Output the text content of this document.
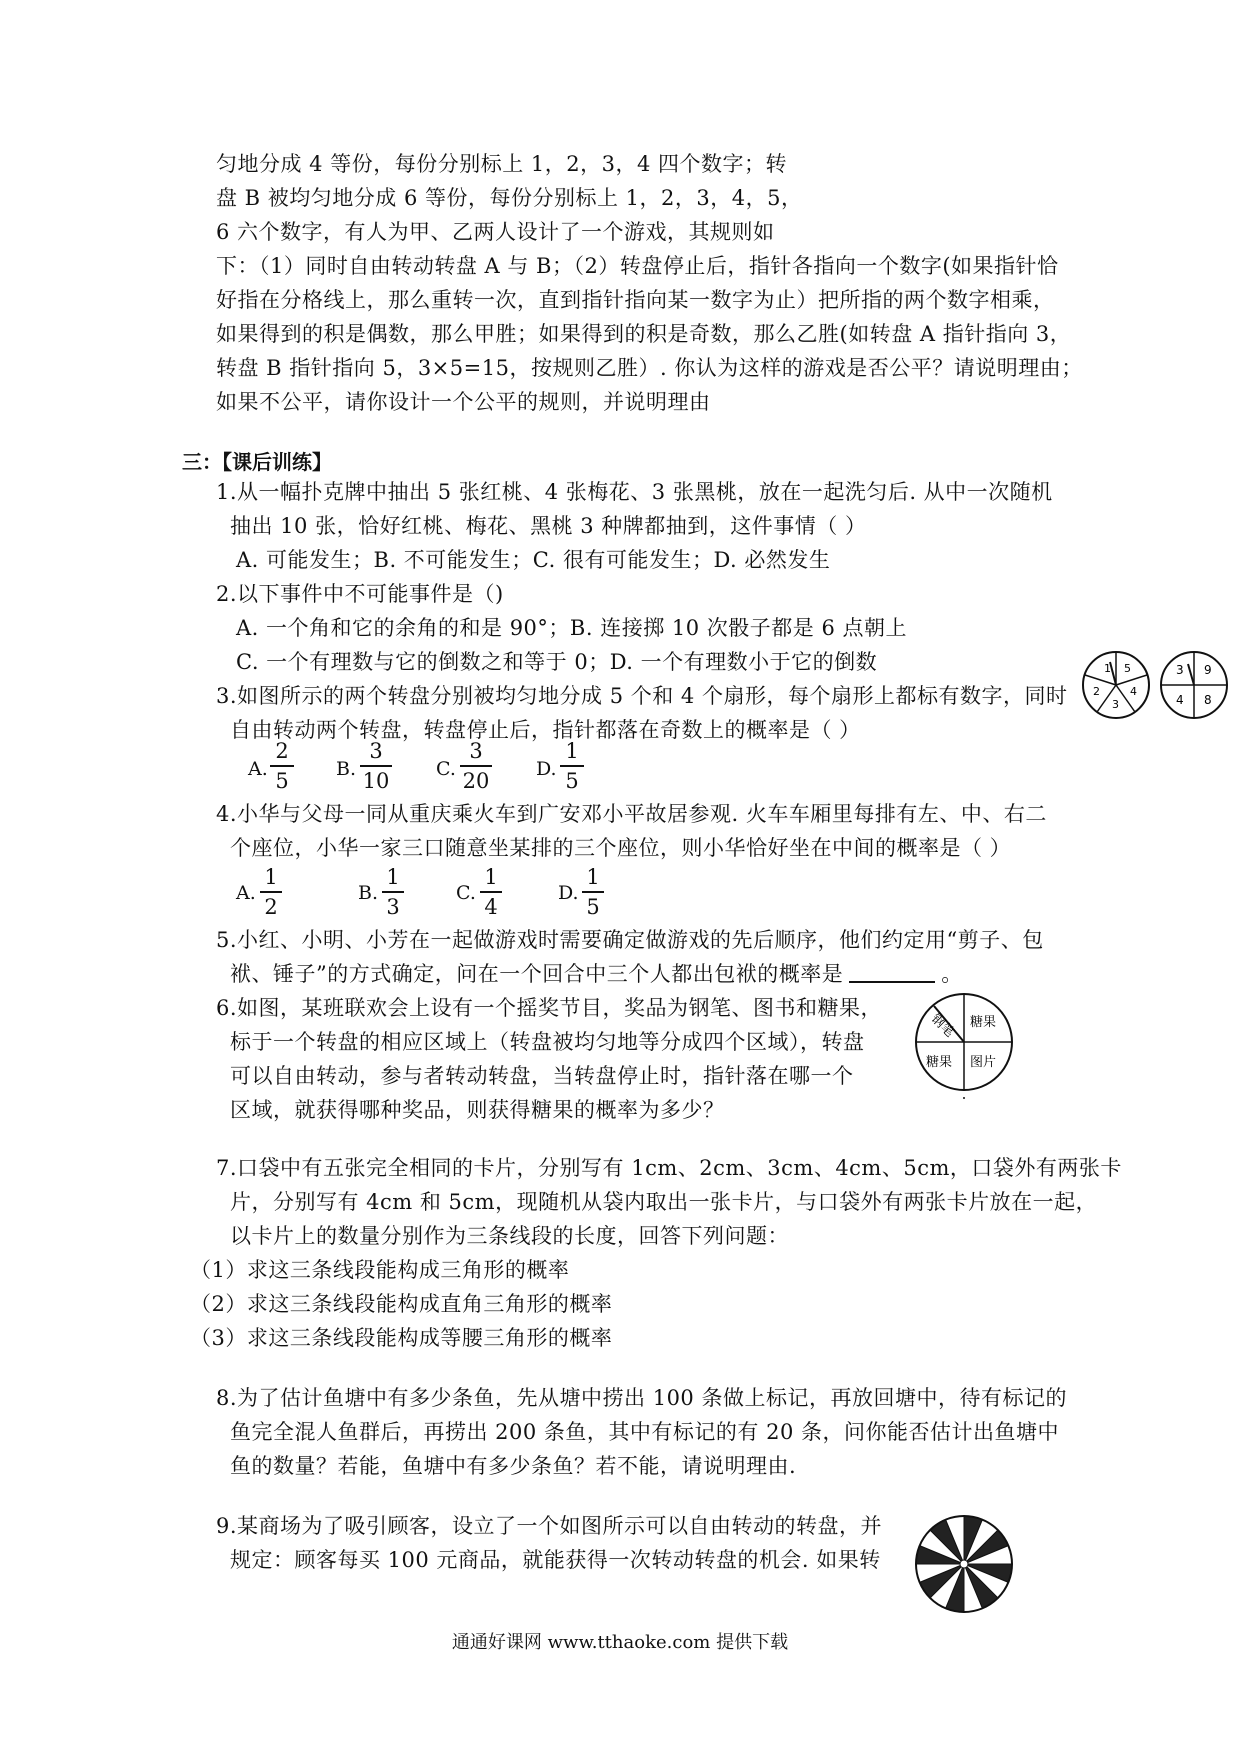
匀地分成 4 等份，每份分别标上 1，2，3，4 四个数字；转
盘 B 被均匀地分成 6 等份，每份分别标上 1，2，3，4，5，
6 六个数字，有人为甲、乙两人设计了一个游戏，其规则如
下：（1）同时自由转动转盘 A 与 B；（2）转盘停止后，指针各指向一个数字(如果指针恰
好指在分格线上，那么重转一次，直到指针指向某一数字为止）把所指的两个数字相乘，
如果得到的积是偶数，那么甲胜；如果得到的积是奇数，那么乙胜(如转盘 A 指针指向 3，
转盘 B 指针指向 5，3×5=15，按规则乙胜）. 你认为这样的游戏是否公平？请说明理由；
如果不公平，请你设计一个公平的规则，并说明理由
三：【课后训练】
1.从一幅扑克牌中抽出 5 张红桃、4 张梅花、3 张黑桃，放在一起洗匀后. 从中一次随机
抽出 10 张，恰好红桃、梅花、黑桃 3 种牌都抽到，这件事情（ ）
A. 可能发生；B. 不可能发生；C. 很有可能发生；D. 必然发生
2.以下事件中不可能事件是（)
A. 一个角和它的余角的和是 90°；B. 连接掷 10 次骰子都是 6 点朝上
C. 一个有理数与它的倒数之和等于 0；D. 一个有理数小于它的倒数
3.如图所示的两个转盘分别被均匀地分成 5 个和 4 个扇形，每个扇形上都标有数字，同时
自由转动两个转盘，转盘停止后，指针都落在奇数上的概率是（ ）
A.
2
5 B.
3
10 C.
3
20 D.
1
5
1 5
4
3
2
3 9
8
4
4.小华与父母一同从重庆乘火车到广安邓小平故居参观. 火车车厢里每排有左、中、右二
个座位，小华一家三口随意坐某排的三个座位，则小华恰好坐在中间的概率是（ ）
A.
1
2
B.
1
3
C.
1
4
D.
1
5
5.小红、小明、小芳在一起做游戏时需要确定做游戏的先后顺序，他们约定用“剪子、包
袱、锤子”的方式确定，问在一个回合中三个人都出包袱的概率是	。
6.如图，某班联欢会上设有一个摇奖节目，奖品为钢笔、图书和糖果，
标于一个转盘的相应区域上（转盘被均匀地等分成四个区域），转盘
可以自由转动，参与者转动转盘，当转盘停止时，指针落在哪一个
区域，就获得哪种奖品，则获得糖果的概率为多少？
钢笔 糖果
糖果 图片
7.口袋中有五张完全相同的卡片，分别写有 1cm、2cm、3cm、4cm、5cm，口袋外有两张卡
片，分别写有 4cm 和 5cm，现随机从袋内取出一张卡片，与口袋外有两张卡片放在一起，
以卡片上的数量分别作为三条线段的长度，回答下列问题：
（1）求这三条线段能构成三角形的概率
（2）求这三条线段能构成直角三角形的概率
（3）求这三条线段能构成等腰三角形的概率
8.为了估计鱼塘中有多少条鱼，先从塘中捞出 100 条做上标记，再放回塘中，待有标记的
鱼完全混人鱼群后，再捞出 200 条鱼，其中有标记的有 20 条，问你能否估计出鱼塘中
鱼的数量？若能，鱼塘中有多少条鱼？若不能，请说明理由.
9.某商场为了吸引顾客，设立了一个如图所示可以自由转动的转盘，并
规定：顾客每买 100 元商品，就能获得一次转动转盘的机会. 如果转
通通好课网 www.tthaoke.com 提供下载
